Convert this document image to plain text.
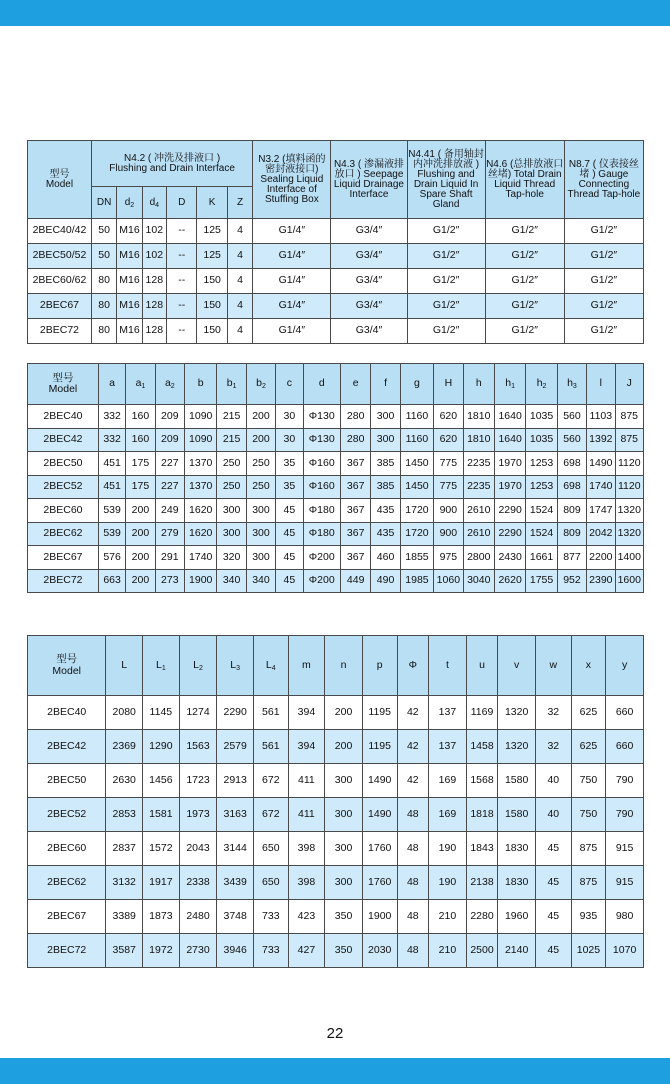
型号
Model	N4.2 ( 冲洗及排液口 )
Flushing and Drain Interface						N3.2 (填料函的密封液接口) Sealing Liquid Interface of Stuffing Box	N4.3 ( 渗漏液排放口 ) Seepage Liquid Drainage Interface	N4.41 ( 备用轴封内冲洗排放液 ) Flushing and Drain Liquid In Spare Shaft Gland	N4.6 (总排放液口丝堵) Total Drain Liquid Thread Tap-hole	N8.7 ( 仪表接丝堵 ) Gauge Connecting Thread Tap-hole
	DN	$d_2$	$d_4$	D	K	Z					
2BEC40/42	50	M16	102	--	125	4	G1/4″	G3/4″	G1/2″	G1/2″	G1/2″
2BEC50/52	50	M16	102	--	125	4	G1/4″	G3/4″	G1/2″	G1/2″	G1/2″
2BEC60/62	80	M16	128	--	150	4	G1/4″	G3/4″	G1/2″	G1/2″	G1/2″
2BEC67	80	M16	128	--	150	4	G1/4″	G3/4″	G1/2″	G1/2″	G1/2″
2BEC72	80	M16	128	--	150	4	G1/4″	G3/4″	G1/2″	G1/2″	G1/2″
型号
Model	a	$a_1$	$a_2$	b	$b_1$	$b_2$	c	d	e	f	g	H	h	$h_1$	$h_2$	$h_3$	l	J
2BEC40	332	160	209	1090	215	200	30	Φ130	280	300	1160	620	1810	1640	1035	560	1103	875
2BEC42	332	160	209	1090	215	200	30	Φ130	280	300	1160	620	1810	1640	1035	560	1392	875
2BEC50	451	175	227	1370	250	250	35	Φ160	367	385	1450	775	2235	1970	1253	698	1490	1120
2BEC52	451	175	227	1370	250	250	35	Φ160	367	385	1450	775	2235	1970	1253	698	1740	1120
2BEC60	539	200	249	1620	300	300	45	Φ180	367	435	1720	900	2610	2290	1524	809	1747	1320
2BEC62	539	200	279	1620	300	300	45	Φ180	367	435	1720	900	2610	2290	1524	809	2042	1320
2BEC67	576	200	291	1740	320	300	45	Φ200	367	460	1855	975	2800	2430	1661	877	2200	1400
2BEC72	663	200	273	1900	340	340	45	Φ200	449	490	1985	1060	3040	2620	1755	952	2390	1600
型号
Model	L	$L_1$	$L_2$	$L_3$	$L_4$	m	n	p	Φ	t	u	v	w	x	y
2BEC40	2080	1145	1274	2290	561	394	200	1195	42	137	1169	1320	32	625	660
2BEC42	2369	1290	1563	2579	561	394	200	1195	42	137	1458	1320	32	625	660
2BEC50	2630	1456	1723	2913	672	411	300	1490	42	169	1568	1580	40	750	790
2BEC52	2853	1581	1973	3163	672	411	300	1490	48	169	1818	1580	40	750	790
2BEC60	2837	1572	2043	3144	650	398	300	1760	48	190	1843	1830	45	875	915
2BEC62	3132	1917	2338	3439	650	398	300	1760	48	190	2138	1830	45	875	915
2BEC67	3389	1873	2480	3748	733	423	350	1900	48	210	2280	1960	45	935	980
2BEC72	3587	1972	2730	3946	733	427	350	2030	48	210	2500	2140	45	1025	1070
22
